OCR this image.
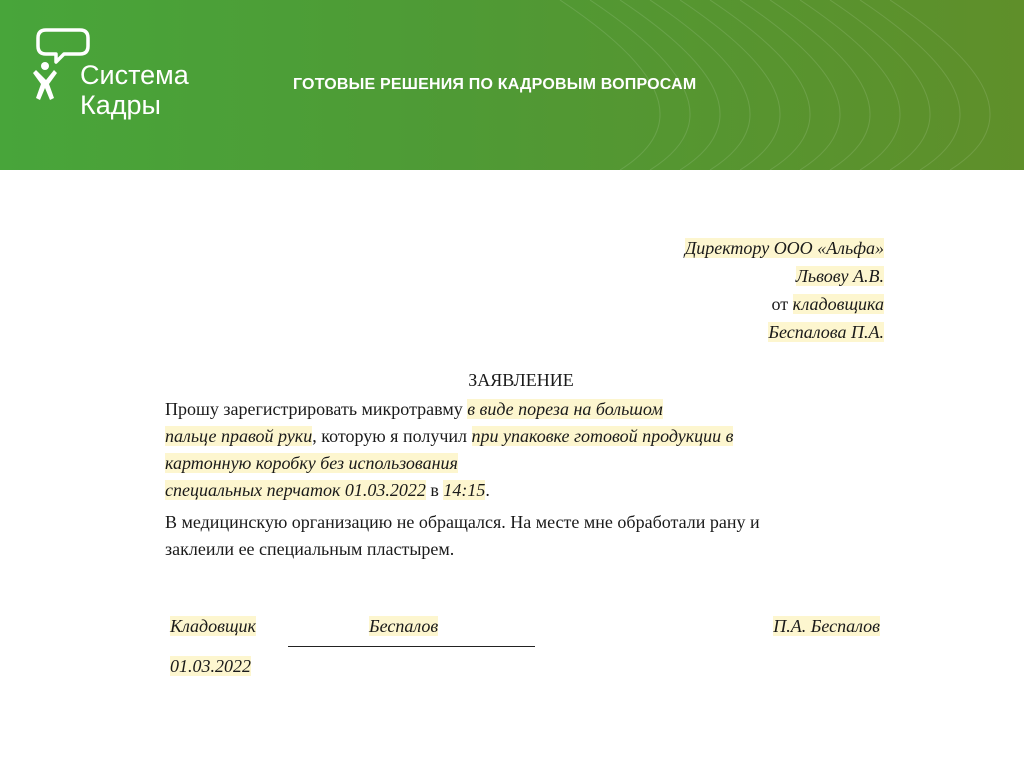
Система
Кадры
ГОТОВЫЕ РЕШЕНИЯ ПО КАДРОВЫМ ВОПРОСАМ
Директору ООО «Альфа»
Львову А.В.
от кладовщика
Беспалова П.А.
ЗАЯВЛЕНИЕ
Прошу зарегистрировать микротравму в виде пореза на большом
пальце правой руки, которую я получил при упаковке готовой продукции в
картонную коробку без использования
специальных перчаток 01.03.2022 в 14:15.
В медицинскую организацию не обращался. На месте мне обработали рану и
заклеили ее специальным пластырем.
Кладовщик	Беспалов	П.А. Беспалов
01.03.2022
